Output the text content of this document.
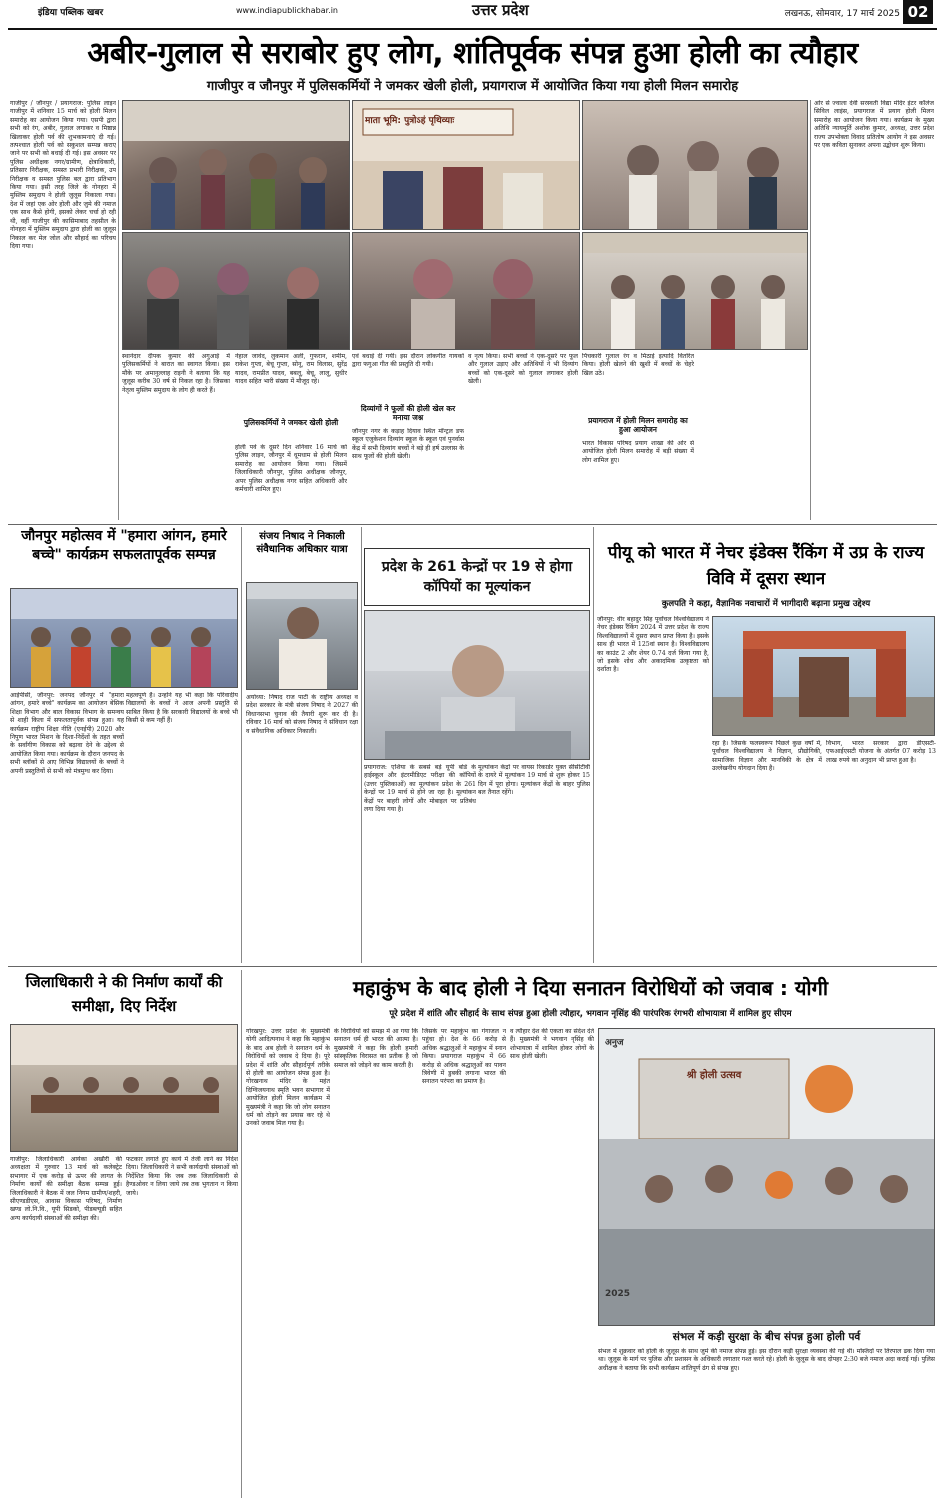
इंडिया पब्लिक खबर	www.indiapublickhabar.in	उत्तर प्रदेश	लखनऊ, सोमवार, 17 मार्च 2025 02
अबीर-गुलाल से सराबोर हुए लोग, शांतिपूर्वक संपन्न हुआ होली का त्यौहार
गाजीपुर व जौनपुर में पुलिसकर्मियों ने जमकर खेली होली, प्रयागराज में आयोजित किया गया होली मिलन समारोह
गाजीपुर / जौनपुर / प्रयागराज: पुलिस लाइन गाजीपुर में शनिवार 15 मार्च को होली मिलन समारोह का आयोजन किया गया। एसपी द्वारा सभी को रंग, अबीर, गुलाल लगाकर व मिष्ठान्न खिलाकर होली पर्व की शुभकामनाएं दी गई। तत्पश्चात होली पर्व को सकुशल सम्पन्न कराए जाने पर सभी को बधाई दी गई। इस अवसर पर पुलिस अधीक्षक नगर/ग्रामीण, क्षेत्राधिकारी, प्रतिसार निरीक्षक, समस्त प्रभारी निरीक्षक, उप निरीक्षक व समस्त पुलिस बल द्वारा प्रतिभाग किया गया। इसी तरह जिले के नोनहरा में मुस्लिम समुदाय ने होली जुलूस निकाला गया। देश में जहां एक ओर होली और जुमे की नमाज एक साथ कैसे होगी, इसको लेकर चर्चा हो रही थी, वहीं गाजीपुर की कासिमाबाद तहसील के नोनहरा में मुस्लिम समुदाय द्वारा होली का जुलूस निकाल कर मेल जोल और सौहार्द का परिचय दिया गया।
माता भूमि: पुत्रोऽहं पृथिव्याः
स्थानेदार दीपक कुमार की अगुआई में पुलिसकर्मियों ने बारात का स्वागत किया। इस मौके पर अमानुल्लाह राइनी ने बताया कि यह जुलूस करीब 30 वर्ष से निकल रहा है। जिसका नेतृत्व मुस्लिम समुदाय के लोग ही करते हैं।
नेहाल जावेद, लुकमान अली, गुफरान, शमीम, राकेश गुप्ता, बेचू गुप्ता, सोनू, राम विलास, सुरेंद्र यादव, रामप्रीत यादव, बबलू, बेचू, लालू, सुधीर यादव सहित भारी संख्या में मौजूद रहे।
पुलिसकर्मियों ने जमकर खेली होली
होली पर्व के दूसरे दिन शनिवार 16 मार्च को पुलिस लाइन, जौनपुर में धूमधाम से होली मिलन समारोह का आयोजन किया गया। जिसमें जिलाधिकारी जौनपुर, पुलिस अधीक्षक जौनपुर, अपर पुलिस अधीक्षक नगर सहित अधिकारी और कर्मचारी शामिल हुए।
एवं बधाई दी गयी। इस दौरान लोकगीत गायकों द्वारा फगुआ गीत की प्रस्तुति दी गयी।
दिव्यांगों ने फूलों की होली खेल कर मनाया जश्न
जौनपुर नगर के कड़ाह दियाव स्थित मॉन्ट्रल डफ स्कूल एजुकेशन दिव्यांग स्कूल के स्कूल एवं पुनर्वास केंद्र में सभी दिव्यांग बच्चों ने बड़े ही हर्ष उल्लास के साथ फूलों की होली खेली।
व नृत्य किया। सभी बच्चों ने एक-दूसरे पर फूल और गुलाल उड़ाए और अतिथियों ने भी दिव्यांग बच्चों को एक-दूसरे को गुलाल लगाकर होली खेली।
पिचकारी गुलाल रंग व मिठाई इत्यादि वितरित किया। होली खेलने की खुशी में बच्चों के चेहरे खिल उठे।
प्रयागराज में होली मिलन समारोह का हुआ आयोजन
भारत विकास परिषद प्रयाग शाखा की ओर से आयोजित होली मिलन समारोह में बड़ी संख्या में लोग शामिल हुए।
ओर से ज्वाला देवी सरस्वती विद्या मंदिर इंटर कॉलेज सिविल लाइंस, प्रयागराज में प्रयाग होली मिलन समारोह का आयोजन किया गया। कार्यक्रम के मुख्य अतिथि न्यायमूर्ति अशोक कुमार, अध्यक्ष, उत्तर प्रदेश राज्य उपभोक्ता विवाद प्रतितोष आयोग ने इस अवसर पर एक कविता सुनाकर अपना उद्बोधन शुरू किया।
जौनपुर महोत्सव में "हमारा आंगन, हमारे बच्चे" कार्यक्रम सफलतापूर्वक सम्पन्न
आईपीसी, जौनपुर: जनपद जौनपुर में "हमारा आंगन, हमारे बच्चे" कार्यक्रम का आयोजन बेसिक शिक्षा विभाग और बाल विकास विभाग के समन्वय से शाही किला में सफलतापूर्वक संपन्न हुआ। यह कार्यक्रम राष्ट्रीय शिक्षा नीति (एनईपी) 2020 और निपुण भारत मिशन के दिशा-निर्देशों के तहत बच्चों के सर्वांगीण विकास को बढ़ावा देने के उद्देश्य से आयोजित किया गया। कार्यक्रम के दौरान जनपद के सभी ब्लॉकों से आए विभिन्न विद्यालयों के बच्चों ने अपनी प्रस्तुतियों से सभी को मंत्रमुग्ध कर दिया।
महत्वपूर्ण है। उन्होंने यह भी कहा कि परिवादीय विद्यालयों के बच्चों ने आज अपनी प्रस्तुति से साबित किया है कि सरकारी विद्यालयों के बच्चे भी किसी से कम नहीं हैं।
संजय निषाद ने निकाली संवैधानिक अधिकार यात्रा
अयोध्या: निषाद राज पार्टी के राष्ट्रीय अध्यक्ष व प्रदेश सरकार के मंत्री संजय निषाद ने 2027 की विधानसभा चुनाव की तैयारी शुरू कर दी है। रविवार 16 मार्च को संजय निषाद ने संविधान रक्षा व संवैधानिक अधिकार निकाली।
प्रदेश के 261 केन्द्रों पर 19 से होगा कॉपियों का मूल्यांकन
प्रयागराज: एशिया के सबसे बड़े यूपी बोर्ड के हाईस्कूल और इंटरमीडिएट परीक्षा की कॉपियों (उत्तर पुस्तिकाओं) का मूल्यांकन प्रदेश के 261 केन्द्रों पर 19 मार्च से होने जा रहा है। मूल्यांकन केंद्रों पर बाहरी लोगों और मोबाइल पर प्रतिबंध लगा दिया गया है।
मूल्यांकन केंद्रों पर वायस रिकार्डर युक्त सीसीटीवी के दायरे में मूल्यांकन 19 मार्च से शुरू होकर 15 दिन में पूरा होगा। मूल्यांकन केंद्रों के बाहर पुलिस बल तैनात रहेंगे।
पीयू को भारत में नेचर इंडेक्स रैंकिंग में उप्र के राज्य विवि में दूसरा स्थान
कुलपति ने कहा, वैज्ञानिक नवाचारों में भागीदारी बढ़ाना प्रमुख उद्देश्य
जौनपुर: वीर बहादुर सिंह पूर्वांचल विश्वविद्यालय ने नेचर इंडेक्स रैंकिंग 2024 में उत्तर प्रदेश के राज्य विश्वविद्यालयों में दूसरा स्थान प्राप्त किया है। इसके साथ ही भारत में 125वां स्थान है। विश्वविद्यालय का काउंट 2 और शेयर 0.74 दर्ज किया गया है, जो इसके शोध और अकादमिक उत्कृष्टता को दर्शाता है।
रहा है। जिसके फलस्वरूप पिछले कुछ वर्षों में, पूर्वांचल विश्वविद्यालय ने विज्ञान, प्रौद्योगिकी, सामाजिक विज्ञान और मानविकी के क्षेत्र में उल्लेखनीय योगदान दिया है।
विभाग, भारत सरकार द्वारा डीएसटी-एफआईएसटी योजना के अंतर्गत 07 करोड़ 13 लाख रुपये का अनुदान भी प्राप्त हुआ है।
जिलाधिकारी ने की निर्माण कार्यों की समीक्षा, दिए निर्देश
गाजीपुर: जिलाधिकारी आर्यका अखौरी की अध्यक्षता में गुरुवार 13 मार्च को कलेक्ट्रेट सभागार में एक करोड़ से ऊपर की लागत के निर्माण कार्यों की समीक्षा बैठक सम्पन्न हुई। जिलाधिकारी ने बैठक में जल निगम ग्रामीण/शहरी, सीएण्डडीएस, आवास विकास परिषद, निर्माण खण्ड लो.नि.वि., यूपी सिडको, पीडब्ल्यूडी सहित अन्य कार्यदायी संस्थाओं की समीक्षा की।
फटकार लगाते हुए कार्य में तेजी लाने का निर्देश दिया। जिलाधिकारी ने सभी कार्यदायी संस्थाओं को निर्देशित किया कि जब तक जिलाधिकारी से हैण्डओवर न लिया जाये तब तक भुगतान न किया जाये।
महाकुंभ के बाद होली ने दिया सनातन विरोधियों को जवाब : योगी
पूरे प्रदेश में शांति और सौहार्द के साथ संपन्न हुआ होली त्यौहार, भगवान नृसिंह की पारंपरिक रंगभरी शोभायात्रा में शामिल हुए सीएम
गोरखपुर: उत्तर प्रदेश के मुख्यमंत्री योगी आदित्यनाथ ने कहा कि महाकुंभ के बाद अब होली ने सनातन धर्म के विरोधियों को जवाब दे दिया है। पूरे प्रदेश में शांति और सौहार्दपूर्ण तरीके से होली का आयोजन संपन्न हुआ है। गोरखनाथ मंदिर के महंत दिग्विजयनाथ स्मृति भवन सभागार में आयोजित होली मिलन कार्यक्रम में मुख्यमंत्री ने कहा कि जो लोग सनातन धर्म को तोड़ने का प्रयास कर रहे थे उनको जवाब मिल गया है।
के विरोधियों को समझ में आ गया कि सनातन धर्म ही भारत की आत्मा है। मुख्यमंत्री ने कहा कि होली हमारी सांस्कृतिक विरासत का प्रतीक है जो समाज को जोड़ने का काम करती है।
जिसके पर महाकुंभ का गंगाजल न पहुंचा हो। देश के 66 करोड़ से अधिक श्रद्धालुओं ने महाकुंभ में स्नान किया। प्रयागराज महाकुंभ में 66 करोड़ से अधिक श्रद्धालुओं का पावन त्रिवेणी में डुबकी लगाना भारत की सनातन परंपरा का प्रमाण है।
व त्यौहार देश की एकता का संदेश देते हैं। मुख्यमंत्री ने भगवान नृसिंह की शोभायात्रा में शामिल होकर लोगों के साथ होली खेली।
श्री होली उत्सव
अनुज
2025
संभल में कड़ी सुरक्षा के बीच संपन्न हुआ होली पर्व
संभल में शुक्रवार को होली के जुलूस के साथ जुमे की नमाज संपन्न हुई। इस दौरान कड़ी सुरक्षा व्यवस्था की गई थी। मस्जिदों पर तिरपाल ढक दिया गया था। जुलूस के मार्ग पर पुलिस और प्रशासन के अधिकारी लगातार गश्त करते रहे। होली के जुलूस के बाद दोपहर 2:30 बजे नमाज अदा कराई गई। पुलिस अधीक्षक ने बताया कि सभी कार्यक्रम शांतिपूर्ण ढंग से संपन्न हुए।
